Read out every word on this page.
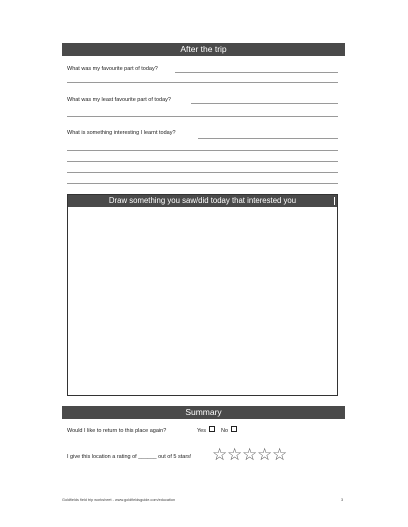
After the trip
What was my favourite part of today?
What was my least favourite part of today?
What is something interesting I learnt today?
Draw something you saw/did today that interested you
Summary
Would I like to return to this place again?	Yes	No
I give this location a rating of ______ out of 5 stars! ☆ ☆ ☆ ☆ ☆
Goldfields field trip worksheet - www.goldfieldsguide.com/education	3
